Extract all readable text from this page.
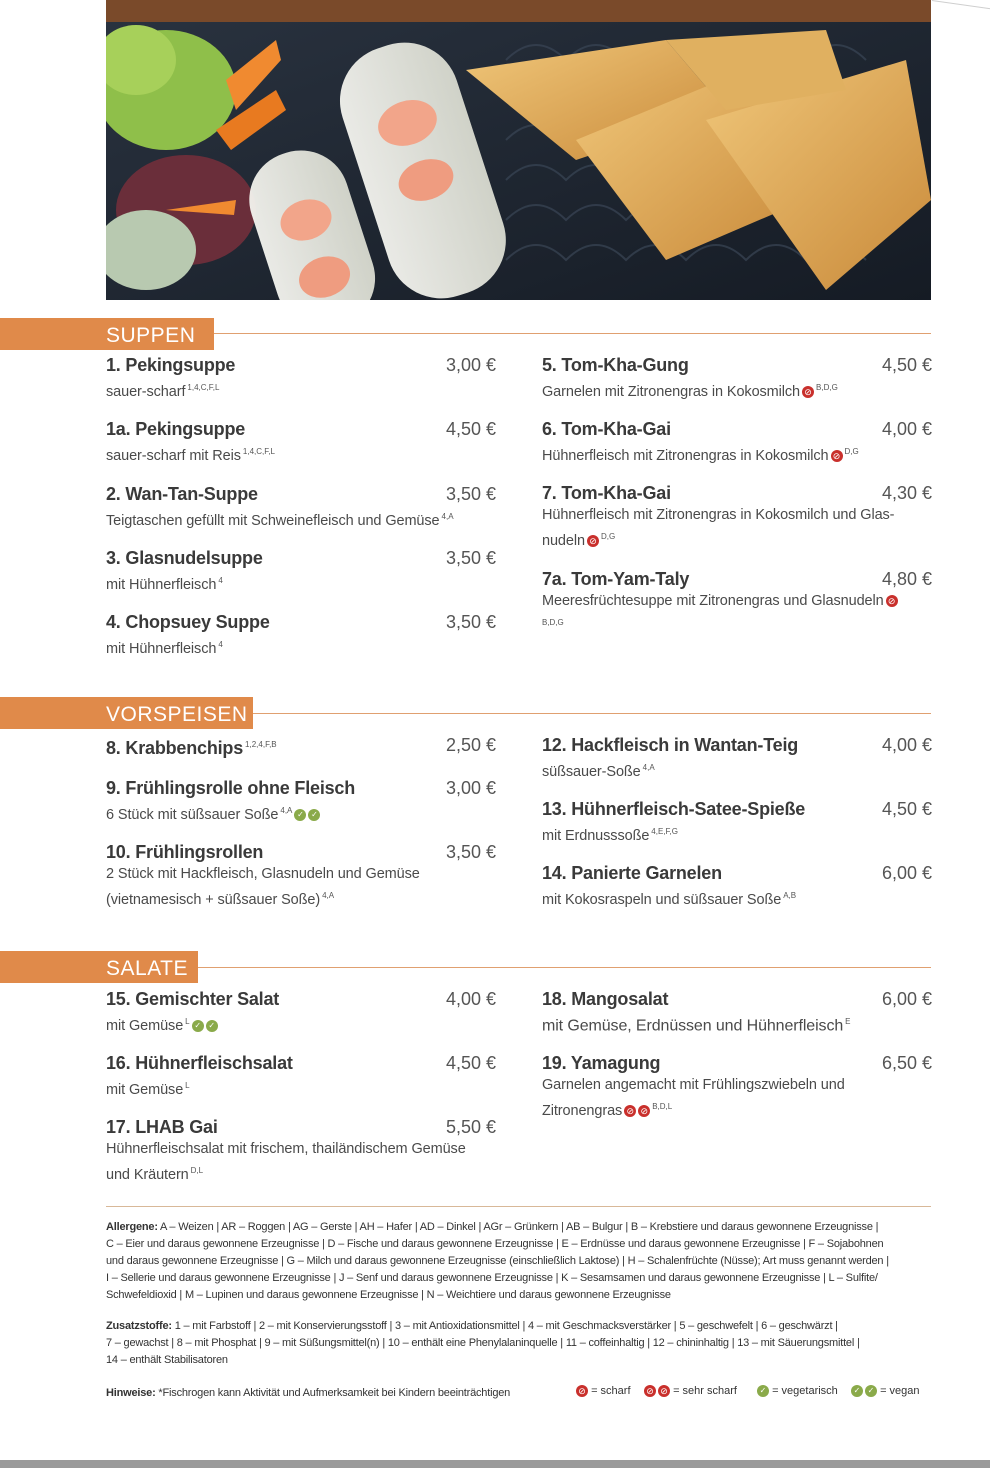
SUPPEN
1. Pekingsuppe	3,00 €
sauer-scharf $^{1,4,C,F,L}$
1a. Pekingsuppe	4,50 €
sauer-scharf mit Reis $^{1,4,C,F,L}$
2. Wan-Tan-Suppe	3,50 €
Teigtaschen gefüllt mit Schweinefleisch und Gemüse $^{4,A}$
3. Glasnudelsuppe	3,50 €
mit Hühnerfleisch $^4$
4. Chopsuey Suppe	3,50 €
mit Hühnerfleisch $^4$
5. Tom-Kha-Gung	4,50 €
Garnelen mit Zitronengras in Kokosmilch ⊘ $^{B,D,G}$
6. Tom-Kha-Gai	4,00 €
Hühnerfleisch mit Zitronengras in Kokosmilch ⊘ $^{D,G}$
7. Tom-Kha-Gai	4,30 €
Hühnerfleisch mit Zitronengras in Kokosmilch und Glas-
nudeln ⊘ $^{D,G}$
7a. Tom-Yam-Taly	4,80 €
Meeresfrüchtesuppe mit Zitronengras und Glasnudeln ⊘
$^{B,D,G}$
VORSPEISEN
8. Krabbenchips $^{1,2,4,F,B}$	2,50 €
9. Frühlingsrolle ohne Fleisch	3,00 €
6 Stück mit süßsauer Soße $^{4,A}$ ✓ ✓
10. Frühlingsrollen	3,50 €
2 Stück mit Hackfleisch, Glasnudeln und Gemüse
(vietnamesisch + süßsauer Soße) $^{4,A}$
12. Hackfleisch in Wantan-Teig	4,00 €
süßsauer-Soße $^{4,A}$
13. Hühnerfleisch-Satee-Spieße	4,50 €
mit Erdnusssoße $^{4,E,F,G}$
14. Panierte Garnelen	6,00 €
mit Kokosraspeln und süßsauer Soße $^{A,B}$
SALATE
15. Gemischter Salat	4,00 €
mit Gemüse $^L$ ✓ ✓
16. Hühnerfleischsalat	4,50 €
mit Gemüse $^L$
17. LHAB Gai	5,50 €
Hühnerfleischsalat mit frischem, thailändischem Gemüse
und Kräutern $^{D,L}$
18. Mangosalat	6,00 €
mit Gemüse, Erdnüssen und Hühnerfleisch $^E$
19. Yamagung	6,50 €
Garnelen angemacht mit Frühlingszwiebeln und
Zitronengras ⊘ ⊘ $^{B,D,L}$
Allergene: A – Weizen | AR – Roggen | AG – Gerste | AH – Hafer | AD – Dinkel | AGr – Grünkern | AB – Bulgur | B – Krebstiere und daraus gewonnene Erzeugnisse |
C – Eier und daraus gewonnene Erzeugnisse | D – Fische und daraus gewonnene Erzeugnisse | E – Erdnüsse und daraus gewonnene Erzeugnisse | F – Sojabohnen
und daraus gewonnene Erzeugnisse | G – Milch und daraus gewonnene Erzeugnisse (einschließlich Laktose) | H – Schalenfrüchte (Nüsse); Art muss genannt werden |
I – Sellerie und daraus gewonnene Erzeugnisse | J – Senf und daraus gewonnene Erzeugnisse | K – Sesamsamen und daraus gewonnene Erzeugnisse | L – Sulfite/
Schwefeldioxid | M – Lupinen und daraus gewonnene Erzeugnisse | N – Weichtiere und daraus gewonnene Erzeugnisse
Zusatzstoffe: 1 – mit Farbstoff | 2 – mit Konservierungsstoff | 3 – mit Antioxidationsmittel | 4 – mit Geschmacksverstärker | 5 – geschwefelt | 6 – geschwärzt |
7 – gewachst | 8 – mit Phosphat | 9 – mit Süßungsmittel(n) | 10 – enthält eine Phenylalaninquelle | 11 – coffeinhaltig | 12 – chininhaltig | 13 – mit Säuerungsmittel |
14 – enthält Stabilisatoren
Hinweise: *Fischrogen kann Aktivität und Aufmerksamkeit bei Kindern beeinträchtigen	⊘ = scharf	⊘ ⊘ = sehr scharf	✓ = vegetarisch	✓ ✓ = vegan
